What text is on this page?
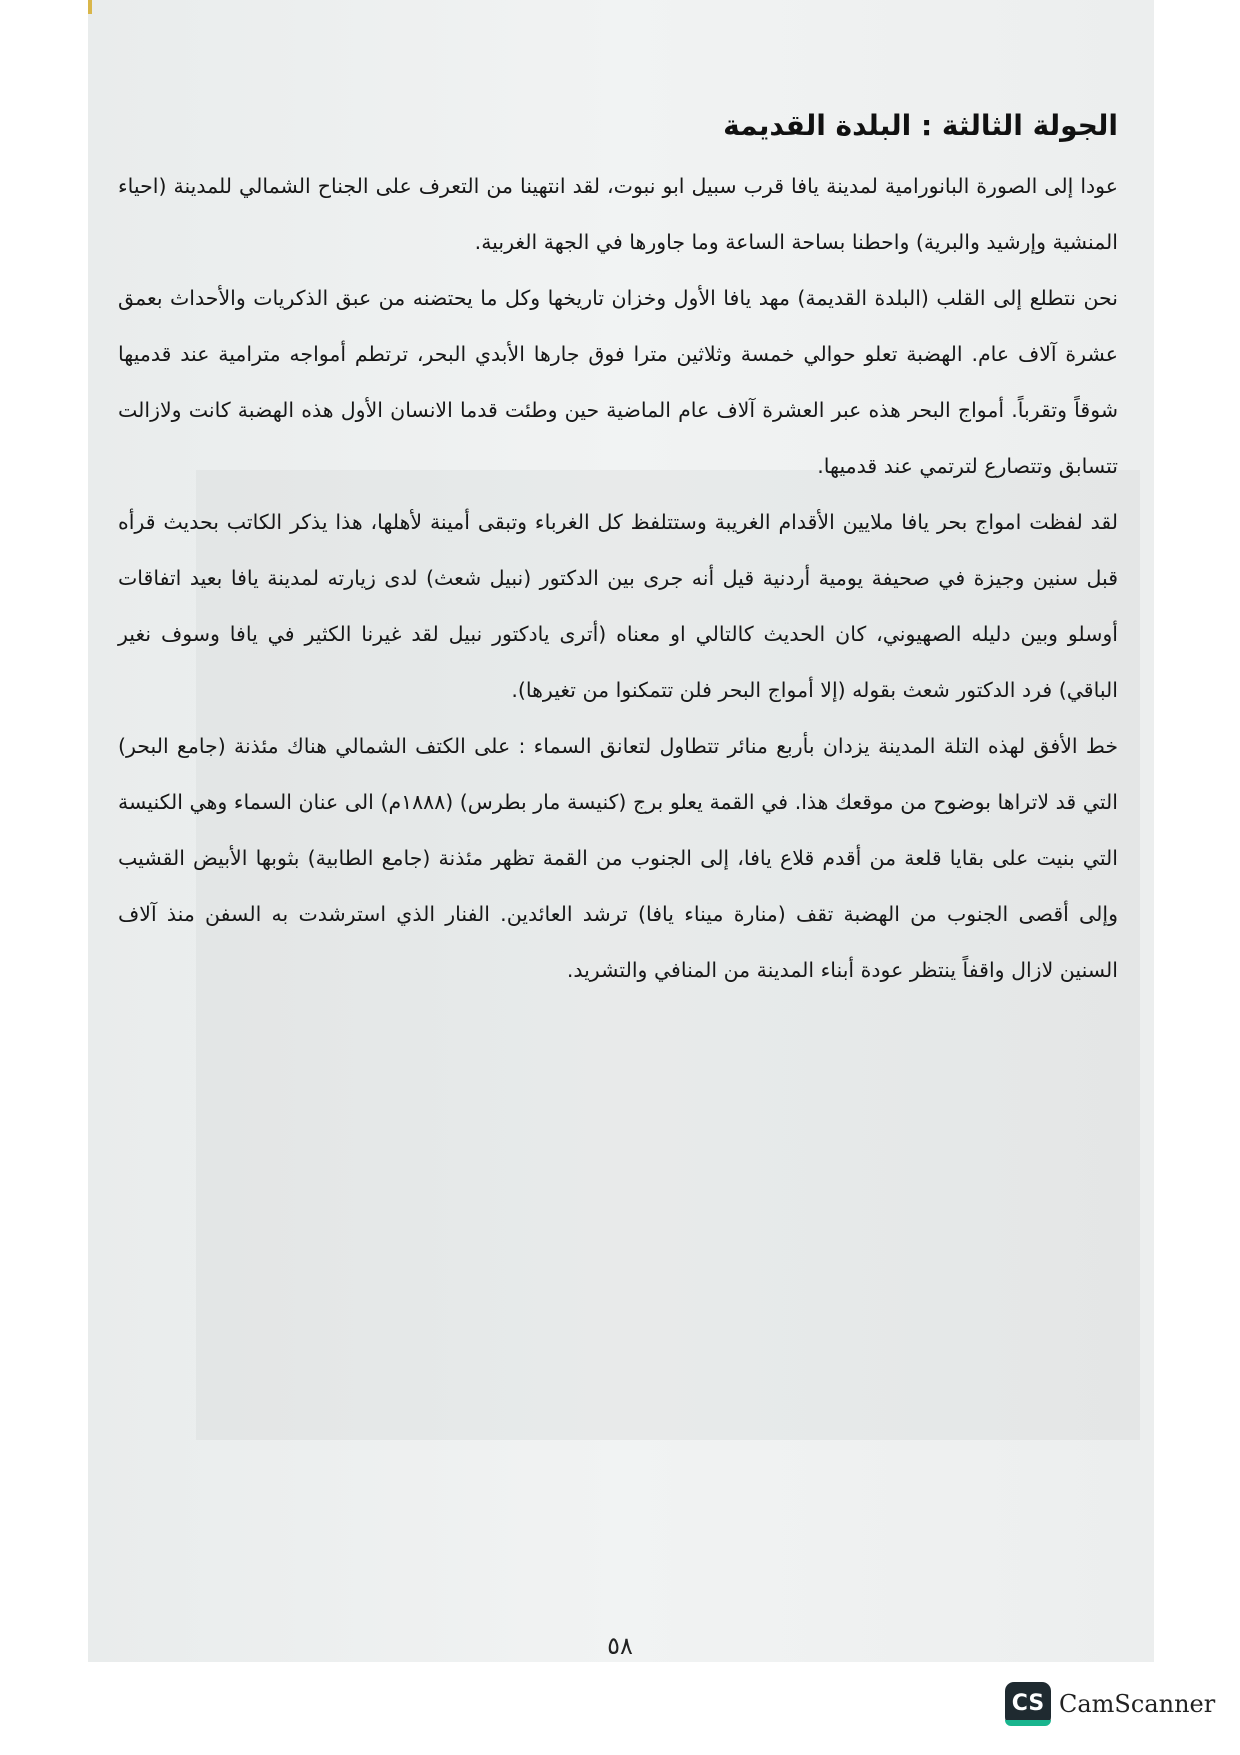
الجولة الثالثة : البلدة القديمة

عودا إلى الصورة البانورامية لمدينة يافا قرب سبيل ابو نبوت، لقد انتهينا من التعرف على الجناح الشمالي للمدينة (احياء المنشية وإرشيد والبرية) واحطنا بساحة الساعة وما جاورها في الجهة الغربية.

نحن نتطلع إلى القلب (البلدة القديمة) مهد يافا الأول وخزان تاريخها وكل ما يحتضنه من عبق الذكريات والأحداث بعمق عشرة آلاف عام. الهضبة تعلو حوالي خمسة وثلاثين مترا فوق جارها الأبدي البحر، ترتطم أمواجه مترامية عند قدميها شوقاً وتقرباً. أمواج البحر هذه عبر العشرة آلاف عام الماضية حين وطئت قدما الانسان الأول هذه الهضبة كانت ولازالت تتسابق وتتصارع لترتمي عند قدميها.

لقد لفظت امواج بحر يافا ملايين الأقدام الغريبة وستتلفظ كل الغرباء وتبقى أمينة لأهلها، هذا يذكر الكاتب بحديث قرأه قبل سنين وجيزة في صحيفة يومية أردنية قيل أنه جرى بين الدكتور (نبيل شعث) لدى زيارته لمدينة يافا بعيد اتفاقات أوسلو وبين دليله الصهيوني، كان الحديث كالتالي او معناه (أترى يادكتور نبيل لقد غيرنا الكثير في يافا وسوف نغير الباقي) فرد الدكتور شعث بقوله (إلا أمواج البحر فلن تتمكنوا من تغيرها).

خط الأفق لهذه التلة المدينة يزدان بأربع منائر تتطاول لتعانق السماء : على الكتف الشمالي هناك مئذنة (جامع البحر) التي قد لاتراها بوضوح من موقعك هذا. في القمة يعلو برج (كنيسة مار بطرس) (١٨٨٨م) الى عنان السماء وهي الكنيسة التي بنيت على بقايا قلعة من أقدم قلاع يافا، إلى الجنوب من القمة تظهر مئذنة (جامع الطابية) بثوبها الأبيض القشيب وإلى أقصى الجنوب من الهضبة تقف (منارة ميناء يافا) ترشد العائدين. الفنار الذي استرشدت به السفن منذ آلاف السنين لازال واقفاً ينتظر عودة أبناء المدينة من المنافي والتشريد.

٥٨
CS CamScanner
